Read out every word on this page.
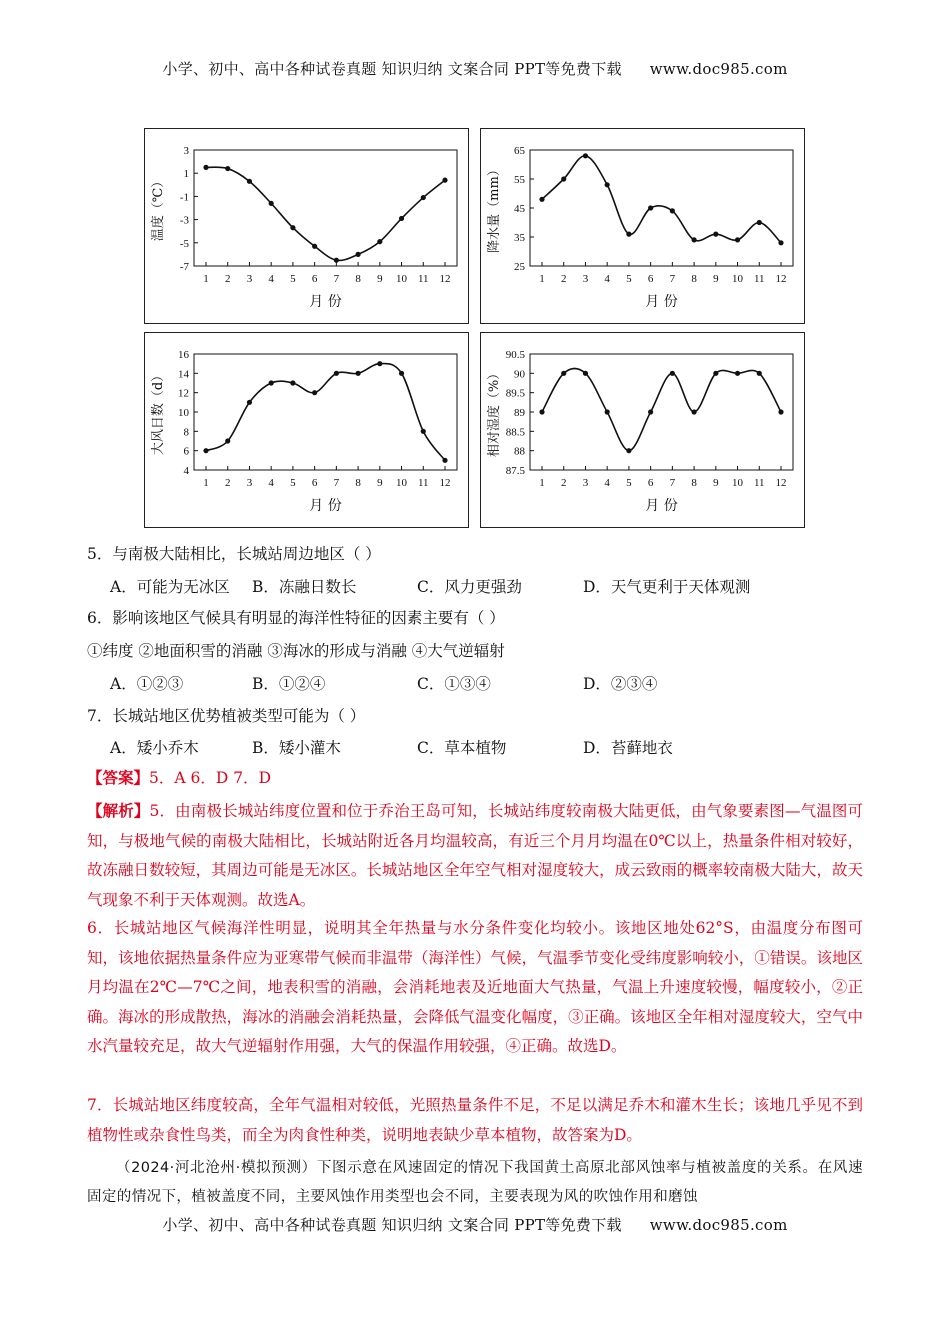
小学、初中、高中各种试卷真题 知识归纳 文案合同 PPT等免费下载 www.doc985.com
3
1
-1
-3
-5
-7
1 2 3 4 5 6 7 8 9 10 11 12
月 份
温度（℃）
65
55
45
35
25
1 2 3 4 5 6 7 8 9 10 11 12
月 份
降水量（mm）
16
14
12
10
8
6
4
1 2 3 4 5 6 7 8 9 10 11 12
月 份
大风日数（d）
90.5
90
89.5
89
88.5
88
87.5
1 2 3 4 5 6 7 8 9 10 11 12
月 份
相对湿度（%）
5．与南极大陆相比，长城站周边地区（ ）
A．可能为无冰区 B．冻融日数长	C．风力更强劲	D．天气更利于天体观测
6．影响该地区气候具有明显的海洋性特征的因素主要有（ ）
①纬度 ②地面积雪的消融 ③海冰的形成与消融 ④大气逆辐射
A．①②③	B．①②④	C．①③④	D．②③④
7．长城站地区优势植被类型可能为（ ）
A．矮小乔木	B．矮小灌木	C．草本植物	D．苔藓地衣
【答案】5．A 6．D 7．D
【解析】5．由南极长城站纬度位置和位于乔治王岛可知，长城站纬度较南极大陆更低，由气象要素图—气温图可知，与极地气候的南极大陆相比，长城站附近各月均温较高，有近三个月月均温在0℃以上，热量条件相对较好，故冻融日数较短，其周边可能是无冰区。长城站地区全年空气相对湿度较大，成云致雨的概率较南极大陆大，故天气现象不利于天体观测。故选A。
6．长城站地区气候海洋性明显，说明其全年热量与水分条件变化均较小。该地区地处62°S，由温度分布图可知，该地依据热量条件应为亚寒带气候而非温带（海洋性）气候，气温季节变化受纬度影响较小，①错误。该地区月均温在2℃—7℃之间，地表积雪的消融，会消耗地表及近地面大气热量，气温上升速度较慢，幅度较小，②正确。海冰的形成散热，海冰的消融会消耗热量，会降低气温变化幅度，③正确。该地区全年相对湿度较大，空气中水汽量较充足，故大气逆辐射作用强，大气的保温作用较强，④正确。故选D。
7．长城站地区纬度较高，全年气温相对较低，光照热量条件不足，不足以满足乔木和灌木生长；该地几乎见不到植物性或杂食性鸟类，而全为肉食性种类，说明地表缺少草本植物，故答案为D。
（2024·河北沧州·模拟预测）下图示意在风速固定的情况下我国黄土高原北部风蚀率与植被盖度的关系。在风速固定的情况下，植被盖度不同，主要风蚀作用类型也会不同，主要表现为风的吹蚀作用和磨蚀
小学、初中、高中各种试卷真题 知识归纳 文案合同 PPT等免费下载 www.doc985.com
